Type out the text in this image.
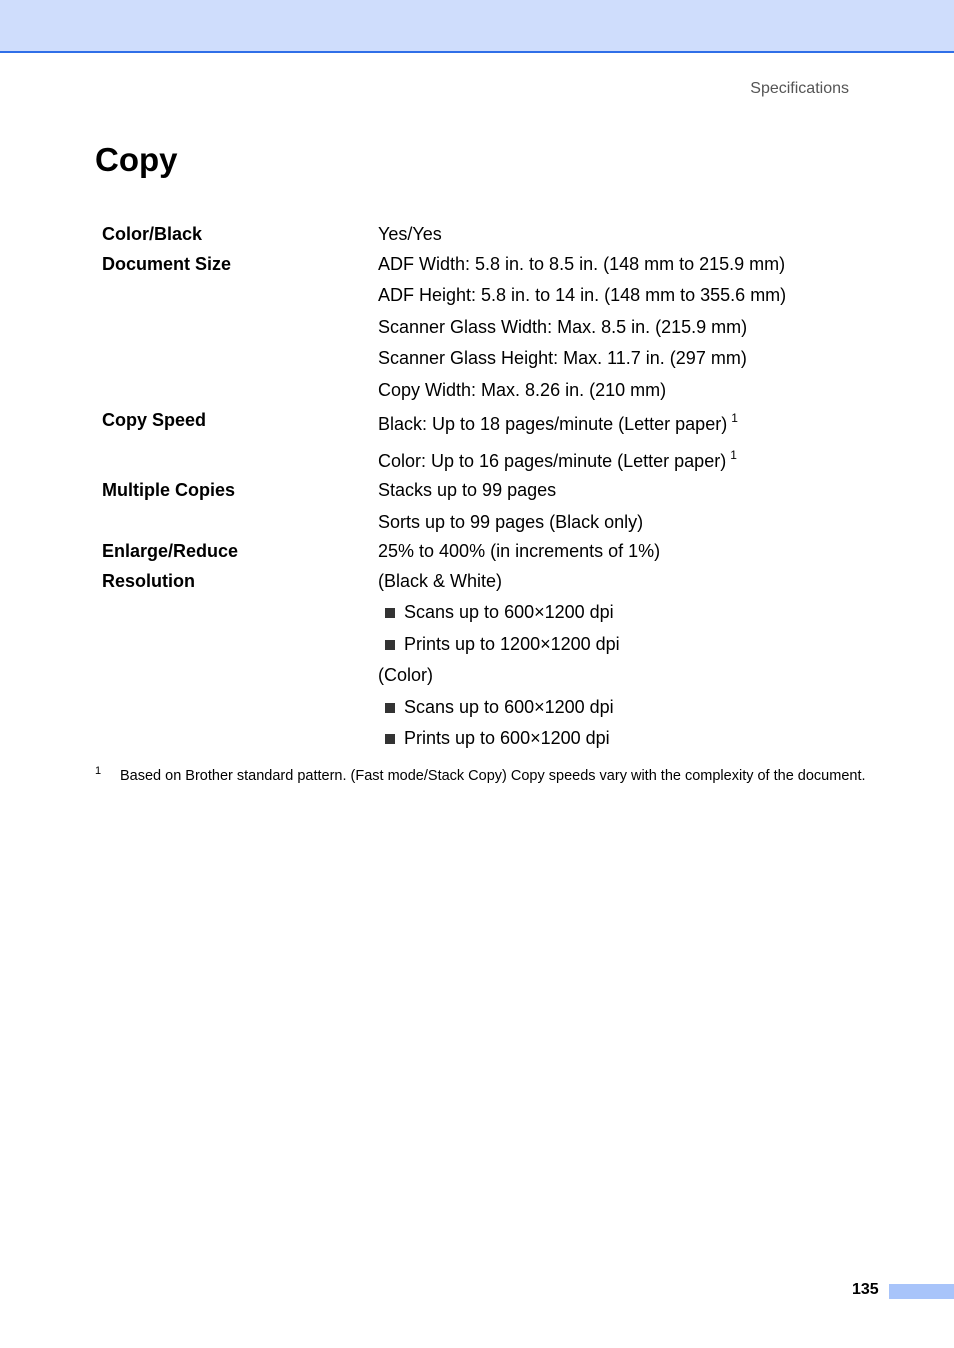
Specifications
Copy
Color/Black	Yes/Yes
Document Size	ADF Width: 5.8 in. to 8.5 in. (148 mm to 215.9 mm)
ADF Height: 5.8 in. to 14 in. (148 mm to 355.6 mm)
Scanner Glass Width: Max. 8.5 in. (215.9 mm)
Scanner Glass Height: Max. 11.7 in. (297 mm)
Copy Width: Max. 8.26 in. (210 mm)
Copy Speed	Black: Up to 18 pages/minute (Letter paper) $^1$
Color: Up to 16 pages/minute (Letter paper) $^1$
Multiple Copies	Stacks up to 99 pages
Sorts up to 99 pages (Black only)
Enlarge/Reduce	25% to 400% (in increments of 1%)
Resolution	(Black & White)
Scans up to 600×1200 dpi
Prints up to 1200×1200 dpi
(Color)
Scans up to 600×1200 dpi
Prints up to 600×1200 dpi
1 Based on Brother standard pattern. (Fast mode/Stack Copy) Copy speeds vary with the complexity of the document.
135
